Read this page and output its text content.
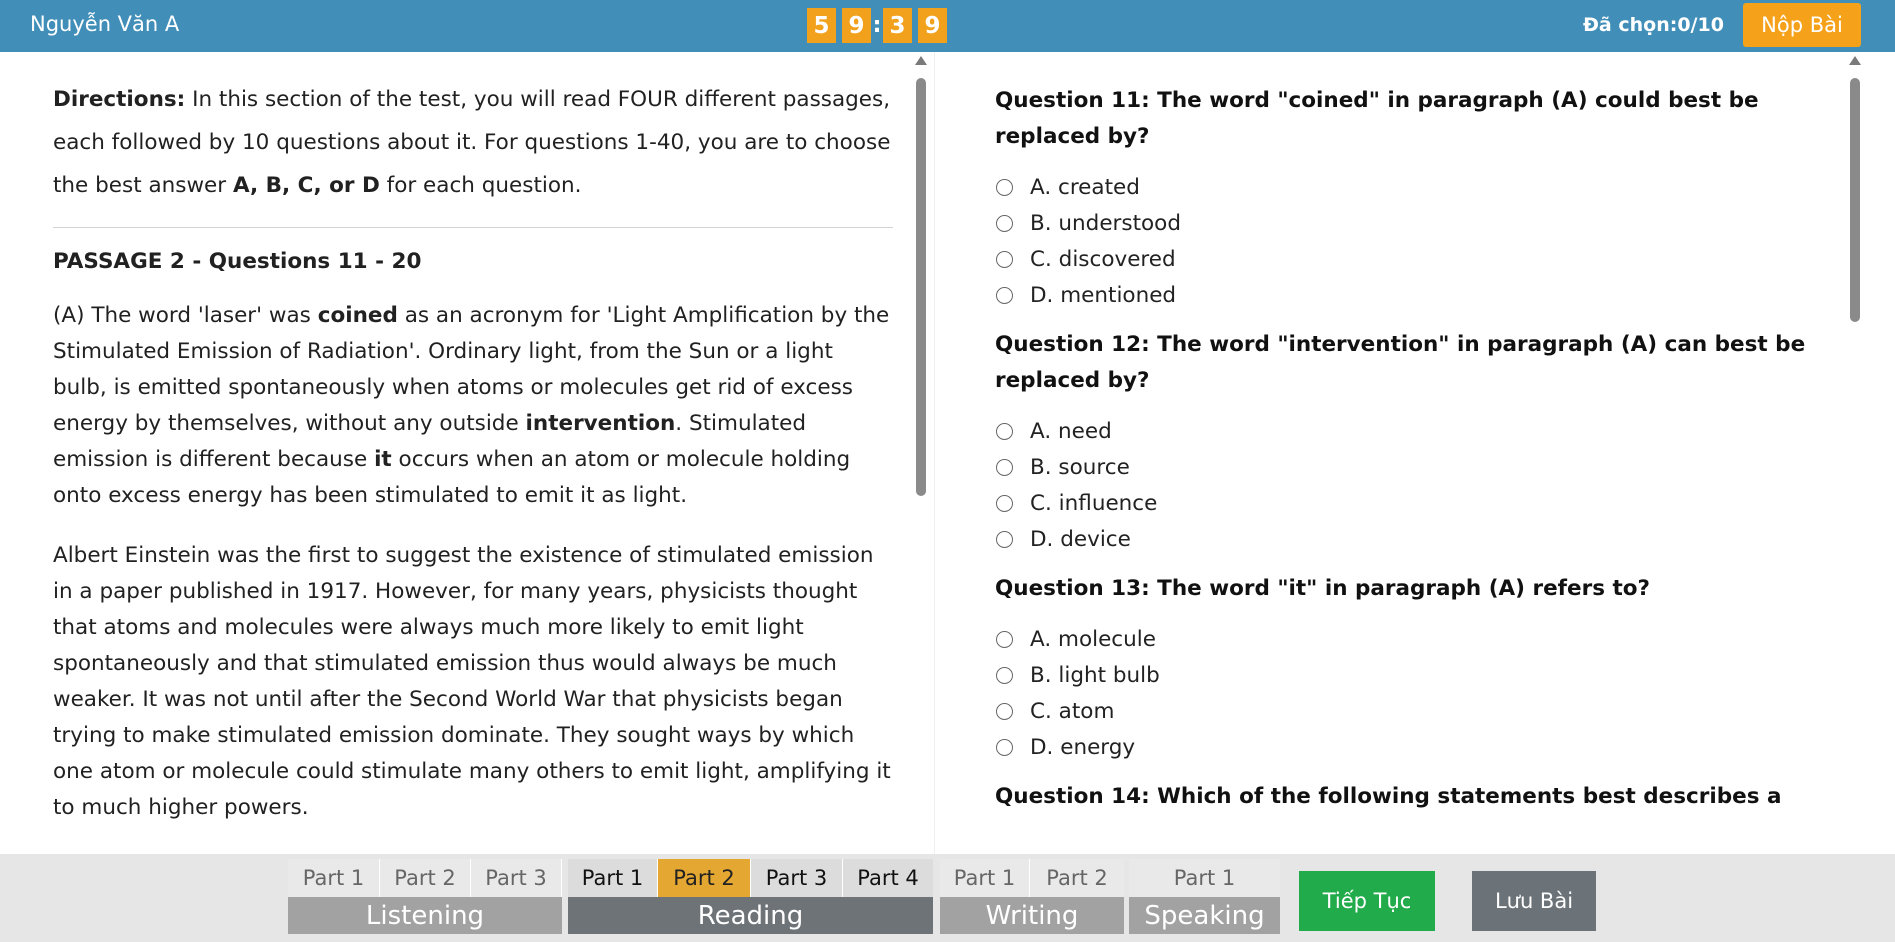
Nguyễn Văn A	5 9 : 3 9	Đã chọn:0/10	Nộp Bài
Directions: In this section of the test, you will read FOUR different passages, each followed by 10 questions about it. For questions 1-40, you are to choose the best answer A, B, C, or D for each question.
PASSAGE 2 - Questions 11 - 20

(A) The word 'laser' was coined as an acronym for 'Light Amplification by the Stimulated Emission of Radiation'. Ordinary light, from the Sun or a light bulb, is emitted spontaneously when atoms or molecules get rid of excess energy by themselves, without any outside intervention. Stimulated emission is different because it occurs when an atom or molecule holding onto excess energy has been stimulated to emit it as light.

Albert Einstein was the first to suggest the existence of stimulated emission in a paper published in 1917. However, for many years, physicists thought that atoms and molecules were always much more likely to emit light spontaneously and that stimulated emission thus would always be much weaker. It was not until after the Second World War that physicists began trying to make stimulated emission dominate. They sought ways by which one atom or molecule could stimulate many others to emit light, amplifying it to much higher powers.

Question 11: The word "coined" in paragraph (A) could best be replaced by?
A. created
B. understood
C. discovered
D. mentioned
Question 12: The word "intervention" in paragraph (A) can best be replaced by?
A. need
B. source
C. influence
D. device
Question 13: The word "it" in paragraph (A) refers to?
A. molecule
B. light bulb
C. atom
D. energy
Question 14: Which of the following statements best describes a
Part 1	Part 2	Part 3
Listening
Part 1	Part 2	Part 3	Part 4
Reading
Part 1	Part 2
Writing
Part 1
Speaking	Tiếp Tục	Lưu Bài
